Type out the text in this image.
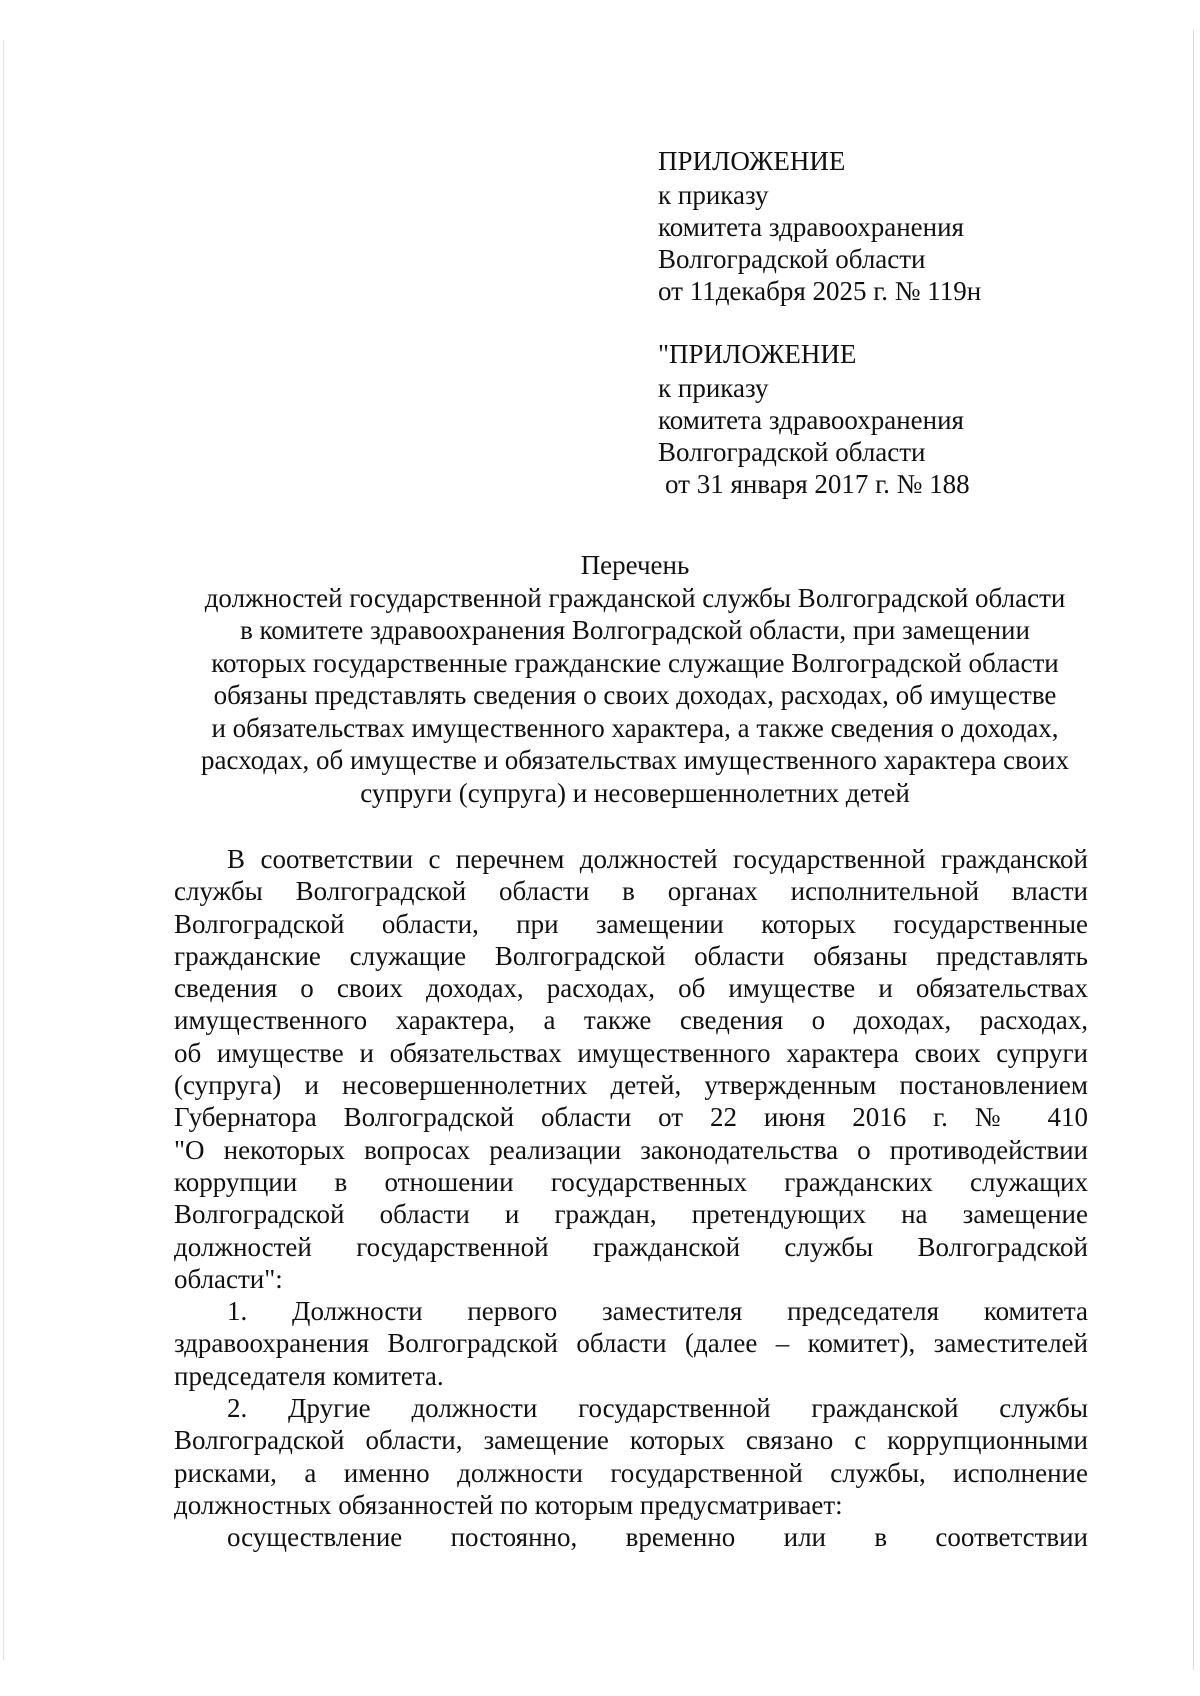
ПРИЛОЖЕНИЕ
к приказу
комитета здравоохранения
Волгоградской области
от 11декабря 2025 г. № 119н
"ПРИЛОЖЕНИЕ
к приказу
комитета здравоохранения
Волгоградской области
от 31 января 2017 г. № 188
Перечень
должностей государственной гражданской службы Волгоградской области
в комитете здравоохранения Волгоградской области, при замещении
которых государственные гражданские служащие Волгоградской области
обязаны представлять сведения о своих доходах, расходах, об имуществе
и обязательствах имущественного характера, а также сведения о доходах,
расходах, об имуществе и обязательствах имущественного характера своих
супруги (супруга) и несовершеннолетних детей
В соответствии с перечнем должностей государственной гражданской
службы Волгоградской области в органах исполнительной власти
Волгоградской области, при замещении которых государственные
гражданские служащие Волгоградской области обязаны представлять
сведения о своих доходах, расходах, об имуществе и обязательствах
имущественного характера, а также сведения о доходах, расходах,
об имуществе и обязательствах имущественного характера своих супруги
(супруга) и несовершеннолетних детей, утвержденным постановлением
Губернатора Волгоградской области от 22 июня 2016 г. № 410
"О некоторых вопросах реализации законодательства о противодействии
коррупции в отношении государственных гражданских служащих
Волгоградской области и граждан, претендующих на замещение
должностей государственной гражданской службы Волгоградской
области":
1. Должности первого заместителя председателя комитета
здравоохранения Волгоградской области (далее – комитет), заместителей
председателя комитета.
2. Другие должности государственной гражданской службы
Волгоградской области, замещение которых связано с коррупционными
рисками, а именно должности государственной службы, исполнение
должностных обязанностей по которым предусматривает:
осуществление постоянно, временно или в соответствии
